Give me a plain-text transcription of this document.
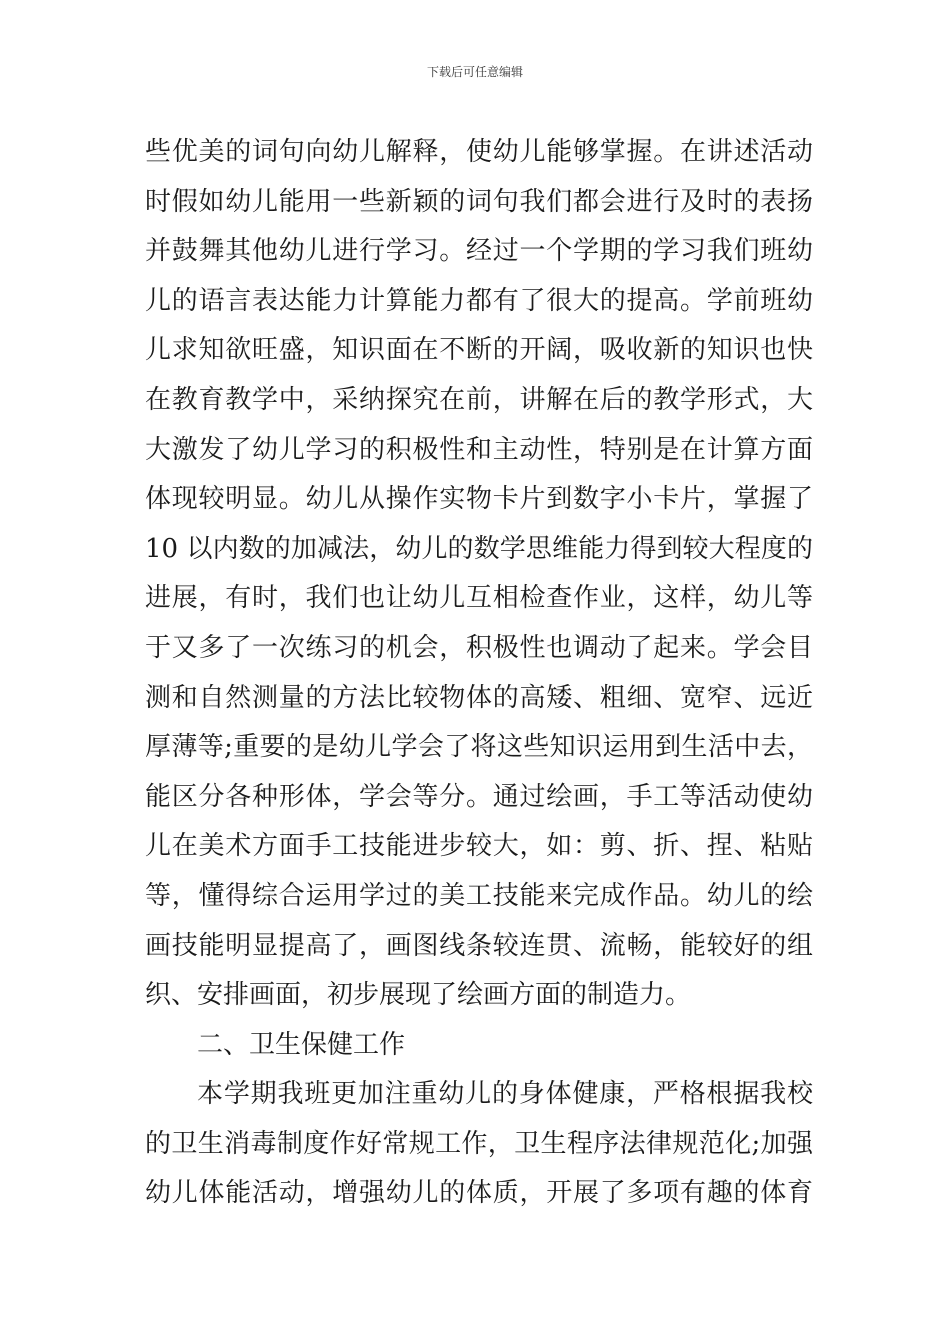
下载后可任意编辑
些优美的词句向幼儿解释，使幼儿能够掌握。在讲述活动
时假如幼儿能用一些新颖的词句我们都会进行及时的表扬
并鼓舞其他幼儿进行学习。经过一个学期的学习我们班幼
儿的语言表达能力计算能力都有了很大的提高。学前班幼
儿求知欲旺盛，知识面在不断的开阔，吸收新的知识也快
在教育教学中，采纳探究在前，讲解在后的教学形式，大
大激发了幼儿学习的积极性和主动性，特别是在计算方面
体现较明显。幼儿从操作实物卡片到数字小卡片，掌握了
10 以内数的加减法，幼儿的数学思维能力得到较大程度的
进展，有时，我们也让幼儿互相检查作业，这样，幼儿等
于又多了一次练习的机会，积极性也调动了起来。学会目
测和自然测量的方法比较物体的高矮、粗细、宽窄、远近
厚薄等;重要的是幼儿学会了将这些知识运用到生活中去，
能区分各种形体，学会等分。通过绘画，手工等活动使幼
儿在美术方面手工技能进步较大，如：剪、折、捏、粘贴
等，懂得综合运用学过的美工技能来完成作品。幼儿的绘
画技能明显提高了，画图线条较连贯、流畅，能较好的组
织、安排画面，初步展现了绘画方面的制造力。
二、卫生保健工作
本学期我班更加注重幼儿的身体健康，严格根据我校
的卫生消毒制度作好常规工作，卫生程序法律规范化;加强
幼儿体能活动，增强幼儿的体质，开展了多项有趣的体育
